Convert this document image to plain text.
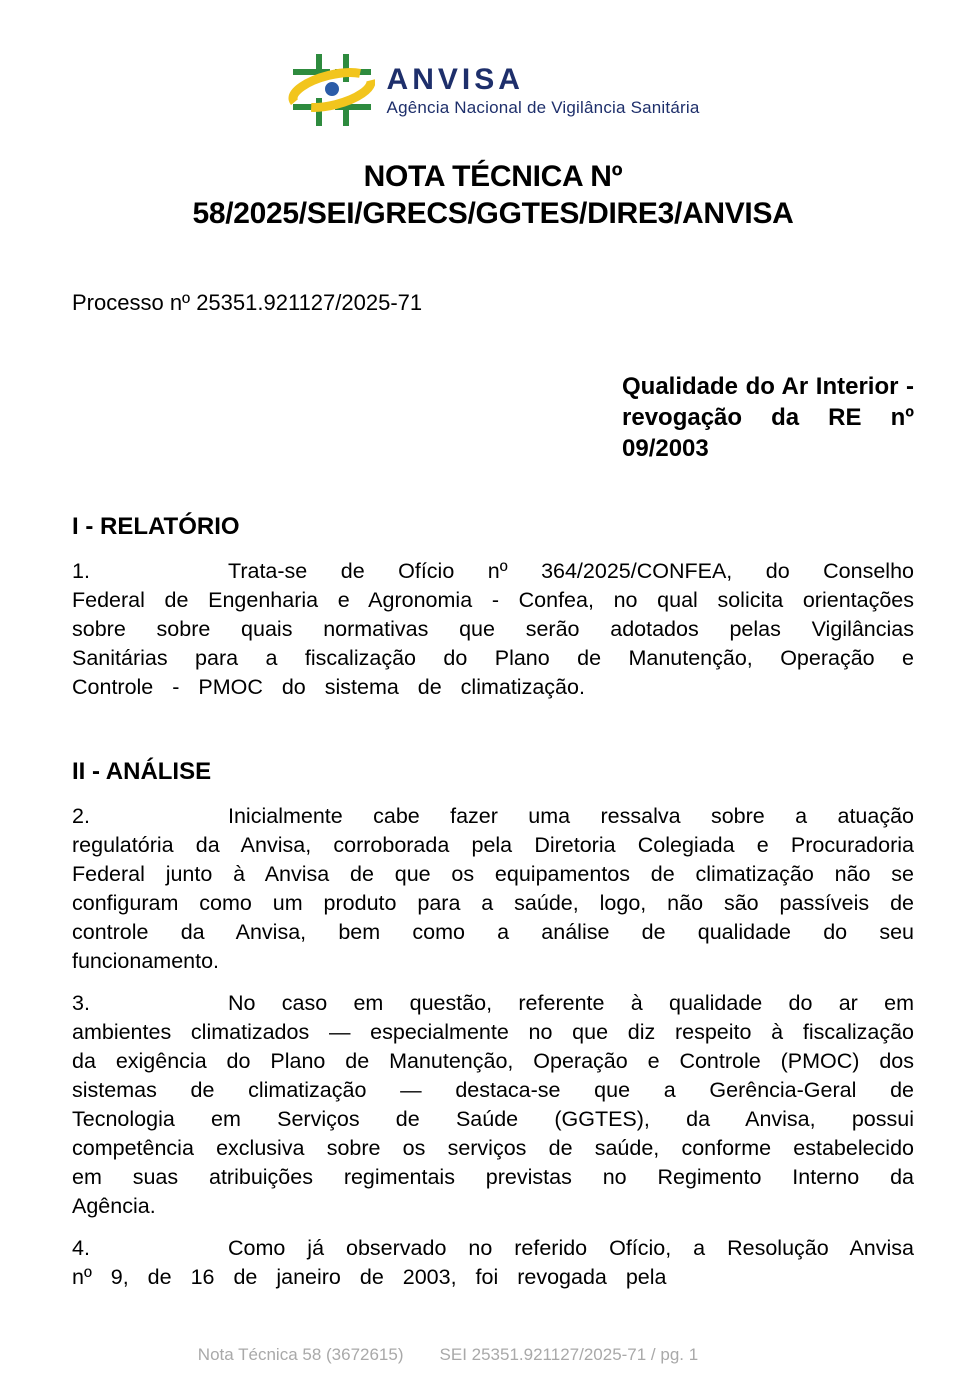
ANVISA
Agência Nacional de Vigilância Sanitária
NOTA TÉCNICA Nº 58/2025/SEI/GRECS/GGTES/DIRE3/ANVISA
Processo nº 25351.921127/2025-71
Qualidade do Ar Interior - revogação da RE nº 09/2003
I - RELATÓRIO

1.	Trata-se de Ofício nº 364/2025/CONFEA, do Conselho Federal de Engenharia e Agronomia - Confea, no qual solicita orientações sobre sobre quais normativas que serão adotados pelas Vigilâncias Sanitárias para a fiscalização do Plano de Manutenção, Operação e Controle - PMOC do sistema de climatização.

II - ANÁLISE

2.	Inicialmente cabe fazer uma ressalva sobre a atuação regulatória da Anvisa, corroborada pela Diretoria Colegiada e Procuradoria Federal junto à Anvisa de que os equipamentos de climatização não se configuram como um produto para a saúde, logo, não são passíveis de controle da Anvisa, bem como a análise de qualidade do seu funcionamento.

3.	No caso em questão, referente à qualidade do ar em ambientes climatizados — especialmente no que diz respeito à fiscalização da exigência do Plano de Manutenção, Operação e Controle (PMOC) dos sistemas de climatização — destaca-se que a Gerência-Geral de Tecnologia em Serviços de Saúde (GGTES), da Anvisa, possui competência exclusiva sobre os serviços de saúde, conforme estabelecido em suas atribuições regimentais previstas no Regimento Interno da Agência.

4.	Como já observado no referido Ofício, a Resolução Anvisa nº 9, de 16 de janeiro de 2003, foi revogada pela

Nota Técnica 58 (3672615) SEI 25351.921127/2025-71 / pg. 1
